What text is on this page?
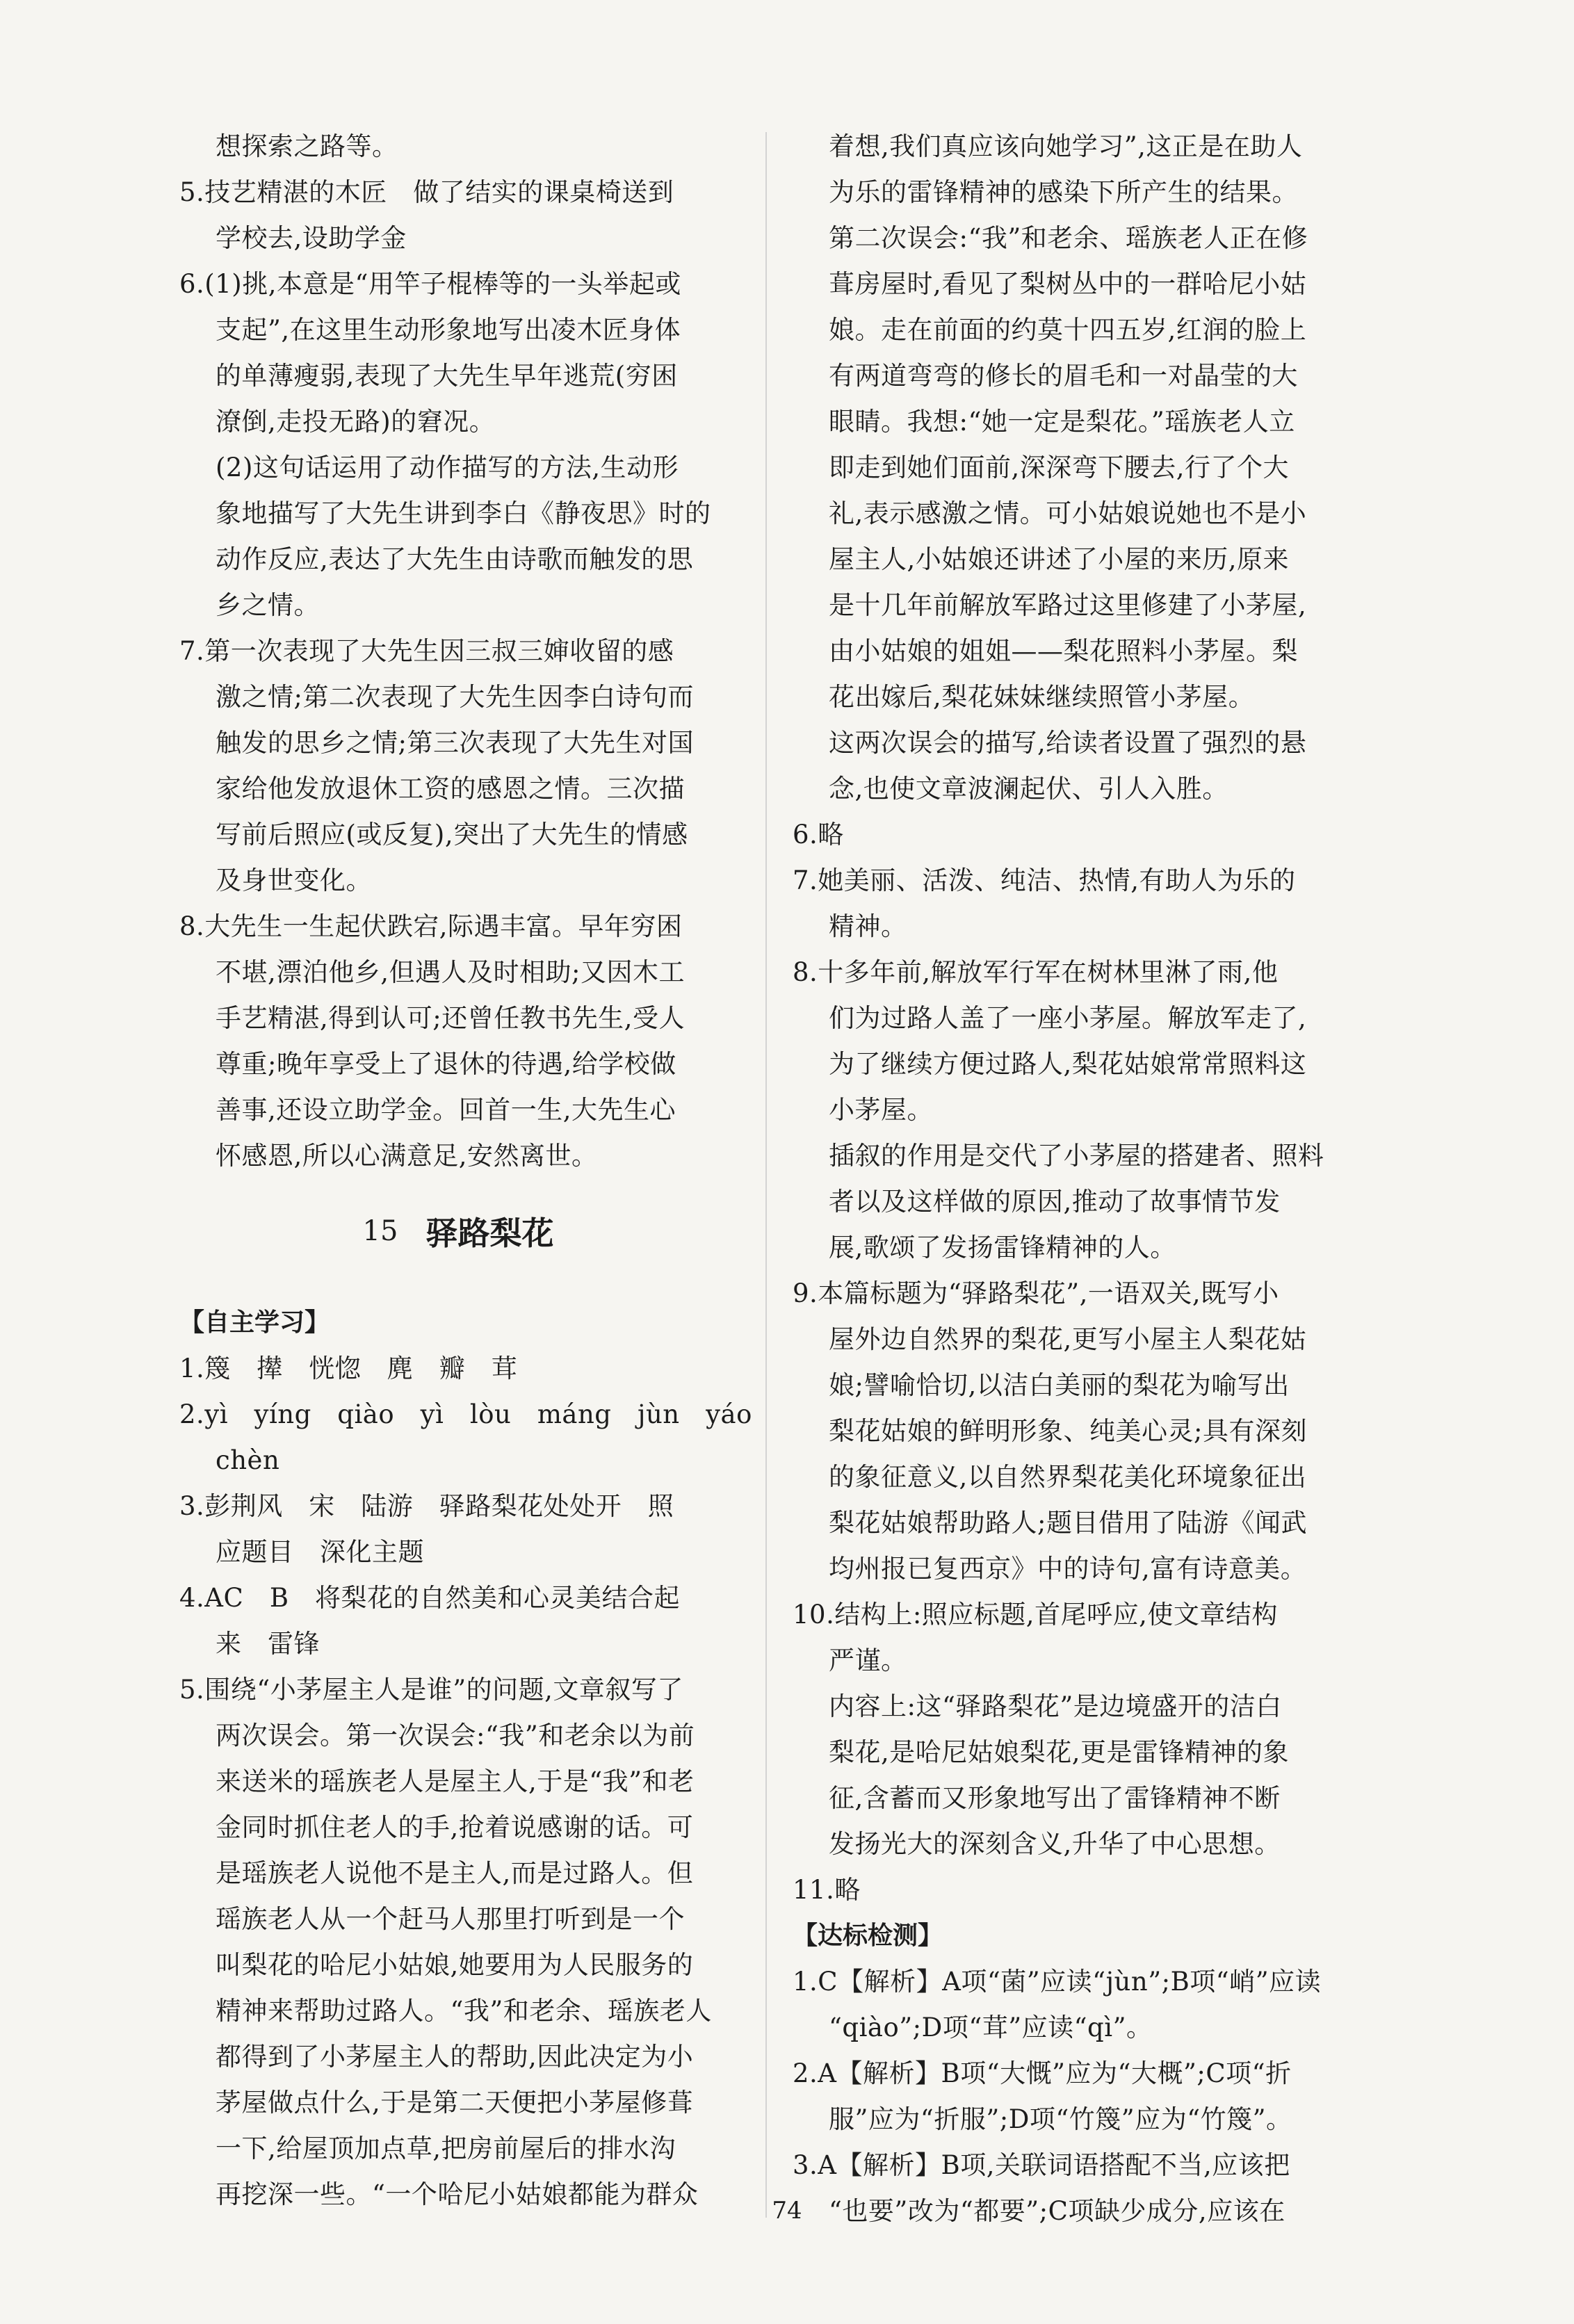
想探索之路等。
5.技艺精湛的木匠　做了结实的课桌椅送到
学校去,设助学金
6.(1)挑,本意是“用竿子棍棒等的一头举起或
支起”,在这里生动形象地写出凌木匠身体
的单薄瘦弱,表现了大先生早年逃荒(穷困
潦倒,走投无路)的窘况。
(2)这句话运用了动作描写的方法,生动形
象地描写了大先生讲到李白《静夜思》时的
动作反应,表达了大先生由诗歌而触发的思
乡之情。
7.第一次表现了大先生因三叔三婶收留的感
激之情;第二次表现了大先生因李白诗句而
触发的思乡之情;第三次表现了大先生对国
家给他发放退休工资的感恩之情。三次描
写前后照应(或反复),突出了大先生的情感
及身世变化。
8.大先生一生起伏跌宕,际遇丰富。早年穷困
不堪,漂泊他乡,但遇人及时相助;又因木工
手艺精湛,得到认可;还曾任教书先生,受人
尊重;晚年享受上了退休的待遇,给学校做
善事,还设立助学金。回首一生,大先生心
怀感恩,所以心满意足,安然离世。
15 驿路梨花
【自主学习】
1.篾　撵　恍惚　麂　瓣　茸
2.yì　yíng　qiào　yì　lòu　máng　jùn　yáo
chèn
3.彭荆风　宋　陆游　驿路梨花处处开　照
应题目　深化主题
4.AC　B　将梨花的自然美和心灵美结合起
来　雷锋
5.围绕“小茅屋主人是谁”的问题,文章叙写了
两次误会。第一次误会:“我”和老余以为前
来送米的瑶族老人是屋主人,于是“我”和老
金同时抓住老人的手,抢着说感谢的话。可
是瑶族老人说他不是主人,而是过路人。但
瑶族老人从一个赶马人那里打听到是一个
叫梨花的哈尼小姑娘,她要用为人民服务的
精神来帮助过路人。“我”和老余、瑶族老人
都得到了小茅屋主人的帮助,因此决定为小
茅屋做点什么,于是第二天便把小茅屋修葺
一下,给屋顶加点草,把房前屋后的排水沟
再挖深一些。“一个哈尼小姑娘都能为群众
着想,我们真应该向她学习”,这正是在助人
为乐的雷锋精神的感染下所产生的结果。
第二次误会:“我”和老余、瑶族老人正在修
葺房屋时,看见了梨树丛中的一群哈尼小姑
娘。走在前面的约莫十四五岁,红润的脸上
有两道弯弯的修长的眉毛和一对晶莹的大
眼睛。我想:“她一定是梨花。”瑶族老人立
即走到她们面前,深深弯下腰去,行了个大
礼,表示感激之情。可小姑娘说她也不是小
屋主人,小姑娘还讲述了小屋的来历,原来
是十几年前解放军路过这里修建了小茅屋,
由小姑娘的姐姐——梨花照料小茅屋。梨
花出嫁后,梨花妹妹继续照管小茅屋。
这两次误会的描写,给读者设置了强烈的悬
念,也使文章波澜起伏、引人入胜。
6.略
7.她美丽、活泼、纯洁、热情,有助人为乐的
精神。
8.十多年前,解放军行军在树林里淋了雨,他
们为过路人盖了一座小茅屋。解放军走了,
为了继续方便过路人,梨花姑娘常常照料这
小茅屋。
插叙的作用是交代了小茅屋的搭建者、照料
者以及这样做的原因,推动了故事情节发
展,歌颂了发扬雷锋精神的人。
9.本篇标题为“驿路梨花”,一语双关,既写小
屋外边自然界的梨花,更写小屋主人梨花姑
娘;譬喻恰切,以洁白美丽的梨花为喻写出
梨花姑娘的鲜明形象、纯美心灵;具有深刻
的象征意义,以自然界梨花美化环境象征出
梨花姑娘帮助路人;题目借用了陆游《闻武
均州报已复西京》中的诗句,富有诗意美。
10.结构上:照应标题,首尾呼应,使文章结构
严谨。
内容上:这“驿路梨花”是边境盛开的洁白
梨花,是哈尼姑娘梨花,更是雷锋精神的象
征,含蓄而又形象地写出了雷锋精神不断
发扬光大的深刻含义,升华了中心思想。
11.略
【达标检测】
1.C【解析】A项“菌”应读“jùn”;B项“峭”应读
“qiào”;D项“茸”应读“qì”。
2.A【解析】B项“大慨”应为“大概”;C项“折
服”应为“折服”;D项“竹篾”应为“竹篾”。
3.A【解析】B项,关联词语搭配不当,应该把
“也要”改为“都要”;C项缺少成分,应该在
74
